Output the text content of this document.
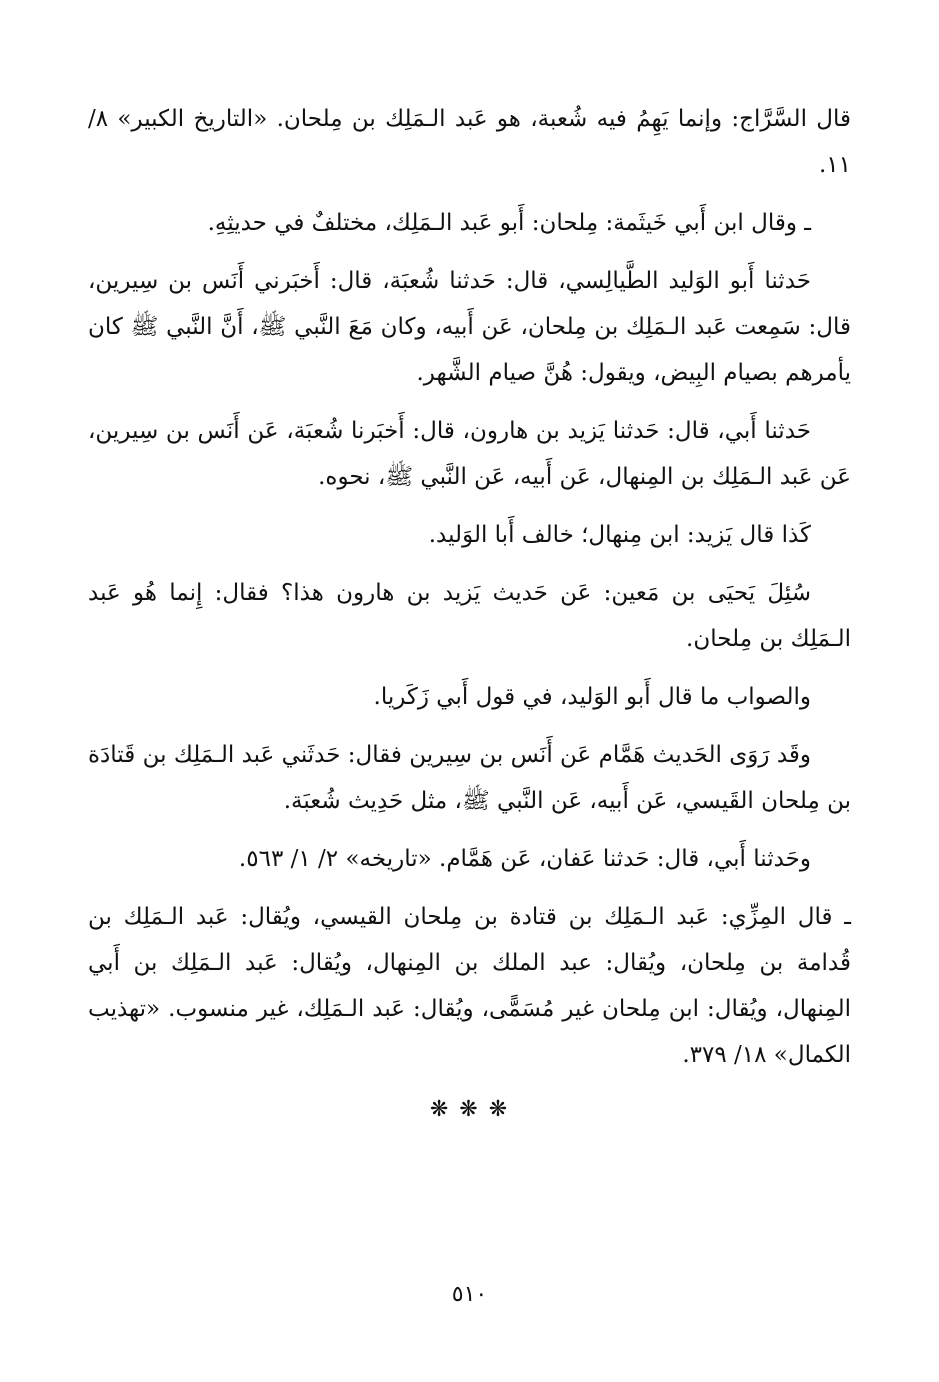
قال السَّرَّاج: وإنما يَهِمُ فيه شُعبة، هو عَبد الـمَلِك بن مِلحان. «التاريخ الكبير» ٨/ ١١.

ـ وقال ابن أَبي خَيثَمة: مِلحان: أَبو عَبد الـمَلِك، مختلفٌ في حديثِهِ.

حَدثنا أَبو الوَليد الطَّيالِسي، قال: حَدثنا شُعبَة، قال: أَخبَرني أَنَس بن سِيرين، قال: سَمِعت عَبد الـمَلِك بن مِلحان، عَن أَبيه، وكان مَعَ النَّبي ﷺ، أَنَّ النَّبي ﷺ كان يأمرهم بصيام البِيض، ويقول: هُنَّ صيام الشَّهر.

حَدثنا أَبي، قال: حَدثنا يَزيد بن هارون، قال: أَخبَرنا شُعبَة، عَن أَنَس بن سِيرين، عَن عَبد الـمَلِك بن المِنهال، عَن أَبيه، عَن النَّبي ﷺ، نحوه.

كَذا قال يَزيد: ابن مِنهال؛ خالف أَبا الوَليد.

سُئِلَ يَحيَى بن مَعين: عَن حَديث يَزيد بن هارون هذا؟ فقال: إِنما هُو عَبد الـمَلِك بن مِلحان.

والصواب ما قال أَبو الوَليد، في قول أَبي زَكَريا.

وقَد رَوَى الحَديث هَمَّام عَن أَنَس بن سِيرين فقال: حَدثَني عَبد الـمَلِك بن قَتادَة بن مِلحان القَيسي، عَن أَبيه، عَن النَّبي ﷺ، مثل حَدِيث شُعبَة.

وحَدثنا أَبي، قال: حَدثنا عَفان، عَن هَمَّام. «تاريخه» ٢/ ١/ ٥٦٣.

ـ قال المِزِّي: عَبد الـمَلِك بن قتادة بن مِلحان القيسي، ويُقال: عَبد الـمَلِك بن قُدامة بن مِلحان، ويُقال: عبد الملك بن المِنهال، ويُقال: عَبد الـمَلِك بن أَبي المِنهال، ويُقال: ابن مِلحان غير مُسَمًّى، ويُقال: عَبد الـمَلِك، غير منسوب. «تهذيب الكمال» ١٨/ ٣٧٩.

❋ ❋ ❋
٥١٠
